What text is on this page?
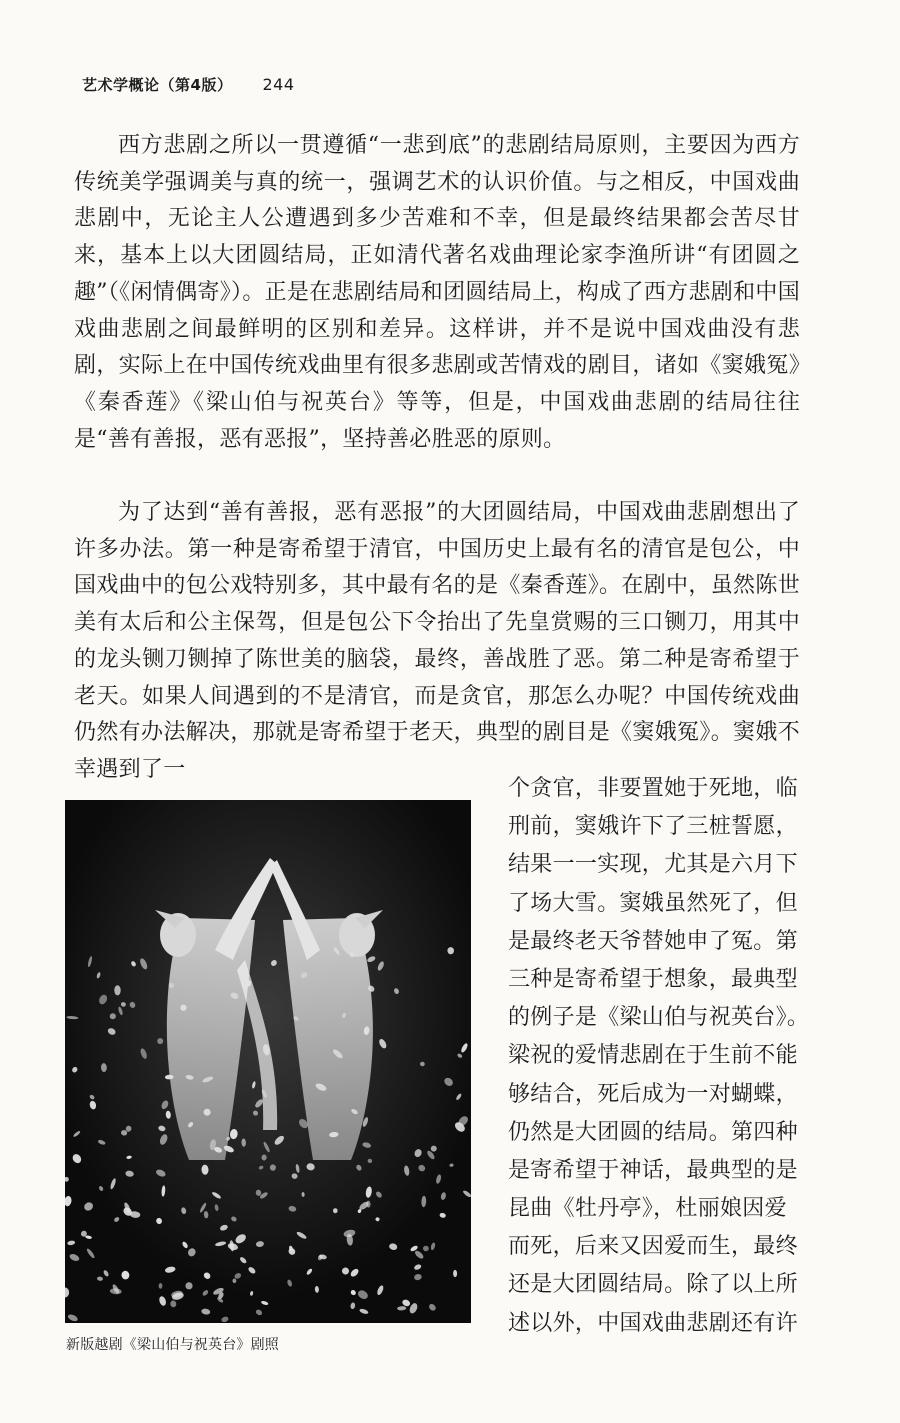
艺术学概论（第4版） 244

西方悲剧之所以一贯遵循“一悲到底”的悲剧结局原则，主要因为西方传统美学强调美与真的统一，强调艺术的认识价值。与之相反，中国戏曲悲剧中，无论主人公遭遇到多少苦难和不幸，但是最终结果都会苦尽甘来，基本上以大团圆结局，正如清代著名戏曲理论家李渔所讲“有团圆之趣”（《闲情偶寄》）。正是在悲剧结局和团圆结局上，构成了西方悲剧和中国戏曲悲剧之间最鲜明的区别和差异。这样讲，并不是说中国戏曲没有悲剧，实际上在中国传统戏曲里有很多悲剧或苦情戏的剧目，诸如《窦娥冤》《秦香莲》《梁山伯与祝英台》等等，但是，中国戏曲悲剧的结局往往是“善有善报，恶有恶报”，坚持善必胜恶的原则。

为了达到“善有善报，恶有恶报”的大团圆结局，中国戏曲悲剧想出了许多办法。第一种是寄希望于清官，中国历史上最有名的清官是包公，中国戏曲中的包公戏特别多，其中最有名的是《秦香莲》。在剧中，虽然陈世美有太后和公主保驾，但是包公下令抬出了先皇赏赐的三口铡刀，用其中的龙头铡刀铡掉了陈世美的脑袋，最终，善战胜了恶。第二种是寄希望于老天。如果人间遇到的不是清官，而是贪官，那怎么办呢？中国传统戏曲仍然有办法解决，那就是寄希望于老天，典型的剧目是《窦娥冤》。窦娥不幸遇到了一

个贪官，非要置她于死地，临
刑前，窦娥许下了三桩誓愿，
结果一一实现，尤其是六月下
了场大雪。窦娥虽然死了，但
是最终老天爷替她申了冤。第
三种是寄希望于想象，最典型
的例子是《梁山伯与祝英台》。
梁祝的爱情悲剧在于生前不能
够结合，死后成为一对蝴蝶，
仍然是大团圆的结局。第四种
是寄希望于神话，最典型的是
昆曲《牡丹亭》，杜丽娘因爱
而死，后来又因爱而生，最终
还是大团圆结局。除了以上所
述以外，中国戏曲悲剧还有许
新版越剧《梁山伯与祝英台》剧照
